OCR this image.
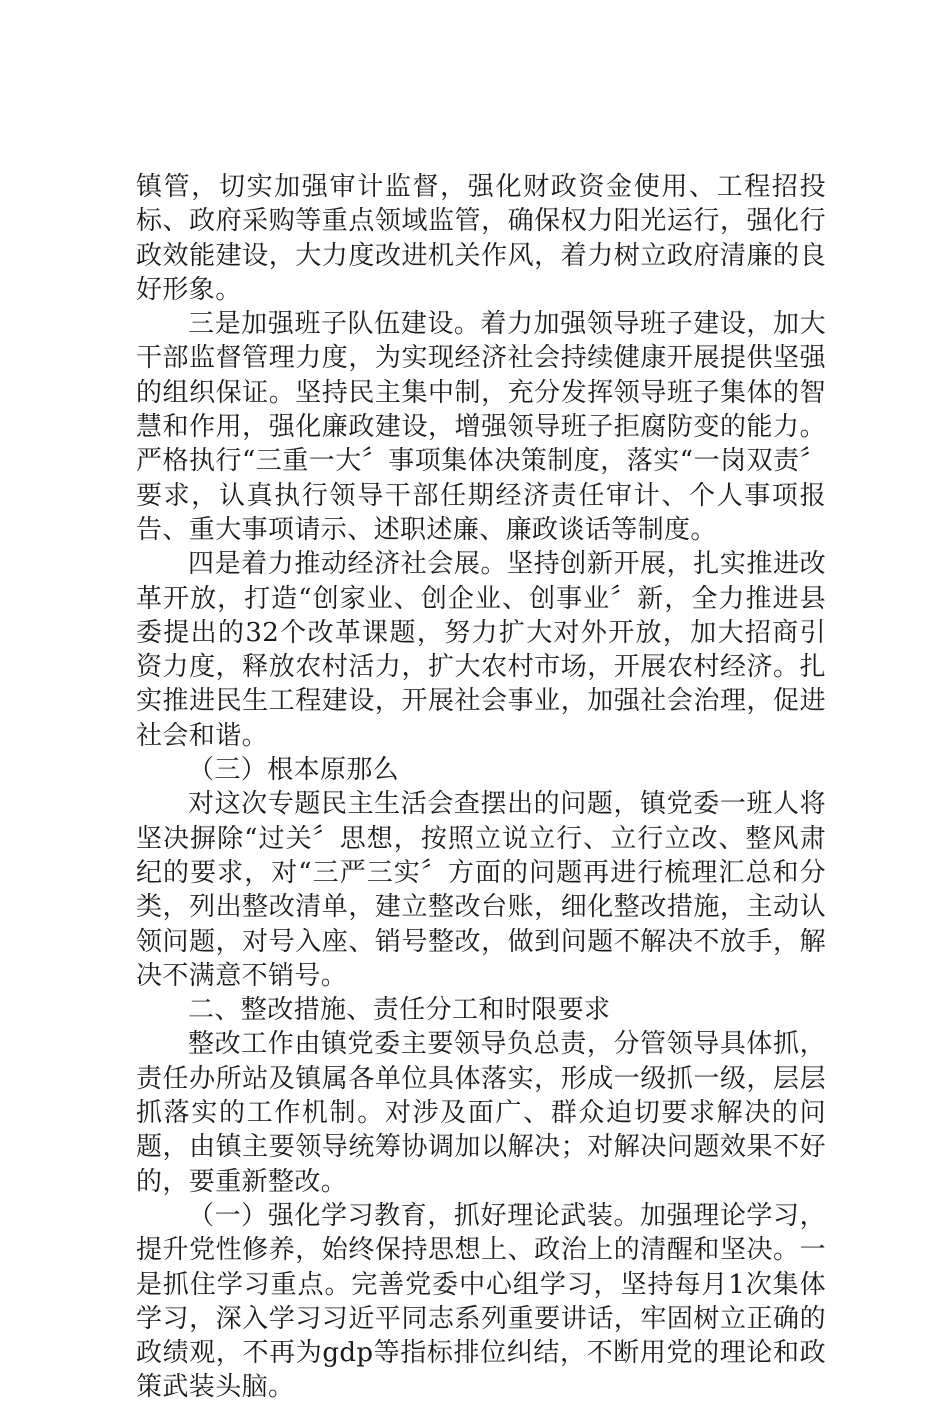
镇管，切实加强审计监督，强化财政资金使用、工程招投标、政府采购等重点领域监管，确保权力阳光运行，强化行政效能建设，大力度改进机关作风，着力树立政府清廉的良好形象。

三是加强班子队伍建设。着力加强领导班子建设，加大干部监督管理力度，为实现经济社会持续健康开展提供坚强的组织保证。坚持民主集中制，充分发挥领导班子集体的智慧和作用，强化廉政建设，增强领导班子拒腐防变的能力。严格执行“三重一大〞事项集体决策制度，落实“一岗双责〞要求，认真执行领导干部任期经济责任审计、个人事项报告、重大事项请示、述职述廉、廉政谈话等制度。

四是着力推动经济社会展。坚持创新开展，扎实推进改革开放，打造“创家业、创企业、创事业〞新，全力推进县委提出的32个改革课题，努力扩大对外开放，加大招商引资力度，释放农村活力，扩大农村市场，开展农村经济。扎实推进民生工程建设，开展社会事业，加强社会治理，促进社会和谐。

（三）根本原那么

对这次专题民主生活会查摆出的问题，镇党委一班人将坚决摒除“过关〞思想，按照立说立行、立行立改、整风肃纪的要求，对“三严三实〞方面的问题再进行梳理汇总和分类，列出整改清单，建立整改台账，细化整改措施，主动认领问题，对号入座、销号整改，做到问题不解决不放手，解决不满意不销号。

二、整改措施、责任分工和时限要求

整改工作由镇党委主要领导负总责，分管领导具体抓，责任办所站及镇属各单位具体落实，形成一级抓一级，层层抓落实的工作机制。对涉及面广、群众迫切要求解决的问题，由镇主要领导统筹协调加以解决；对解决问题效果不好的，要重新整改。

（一）强化学习教育，抓好理论武装。加强理论学习，提升党性修养，始终保持思想上、政治上的清醒和坚决。一是抓住学习重点。完善党委中心组学习，坚持每月1次集体学习，深入学习习近平同志系列重要讲话，牢固树立正确的政绩观，不再为gdp等指标排位纠结，不断用党的理论和政策武装头脑。
